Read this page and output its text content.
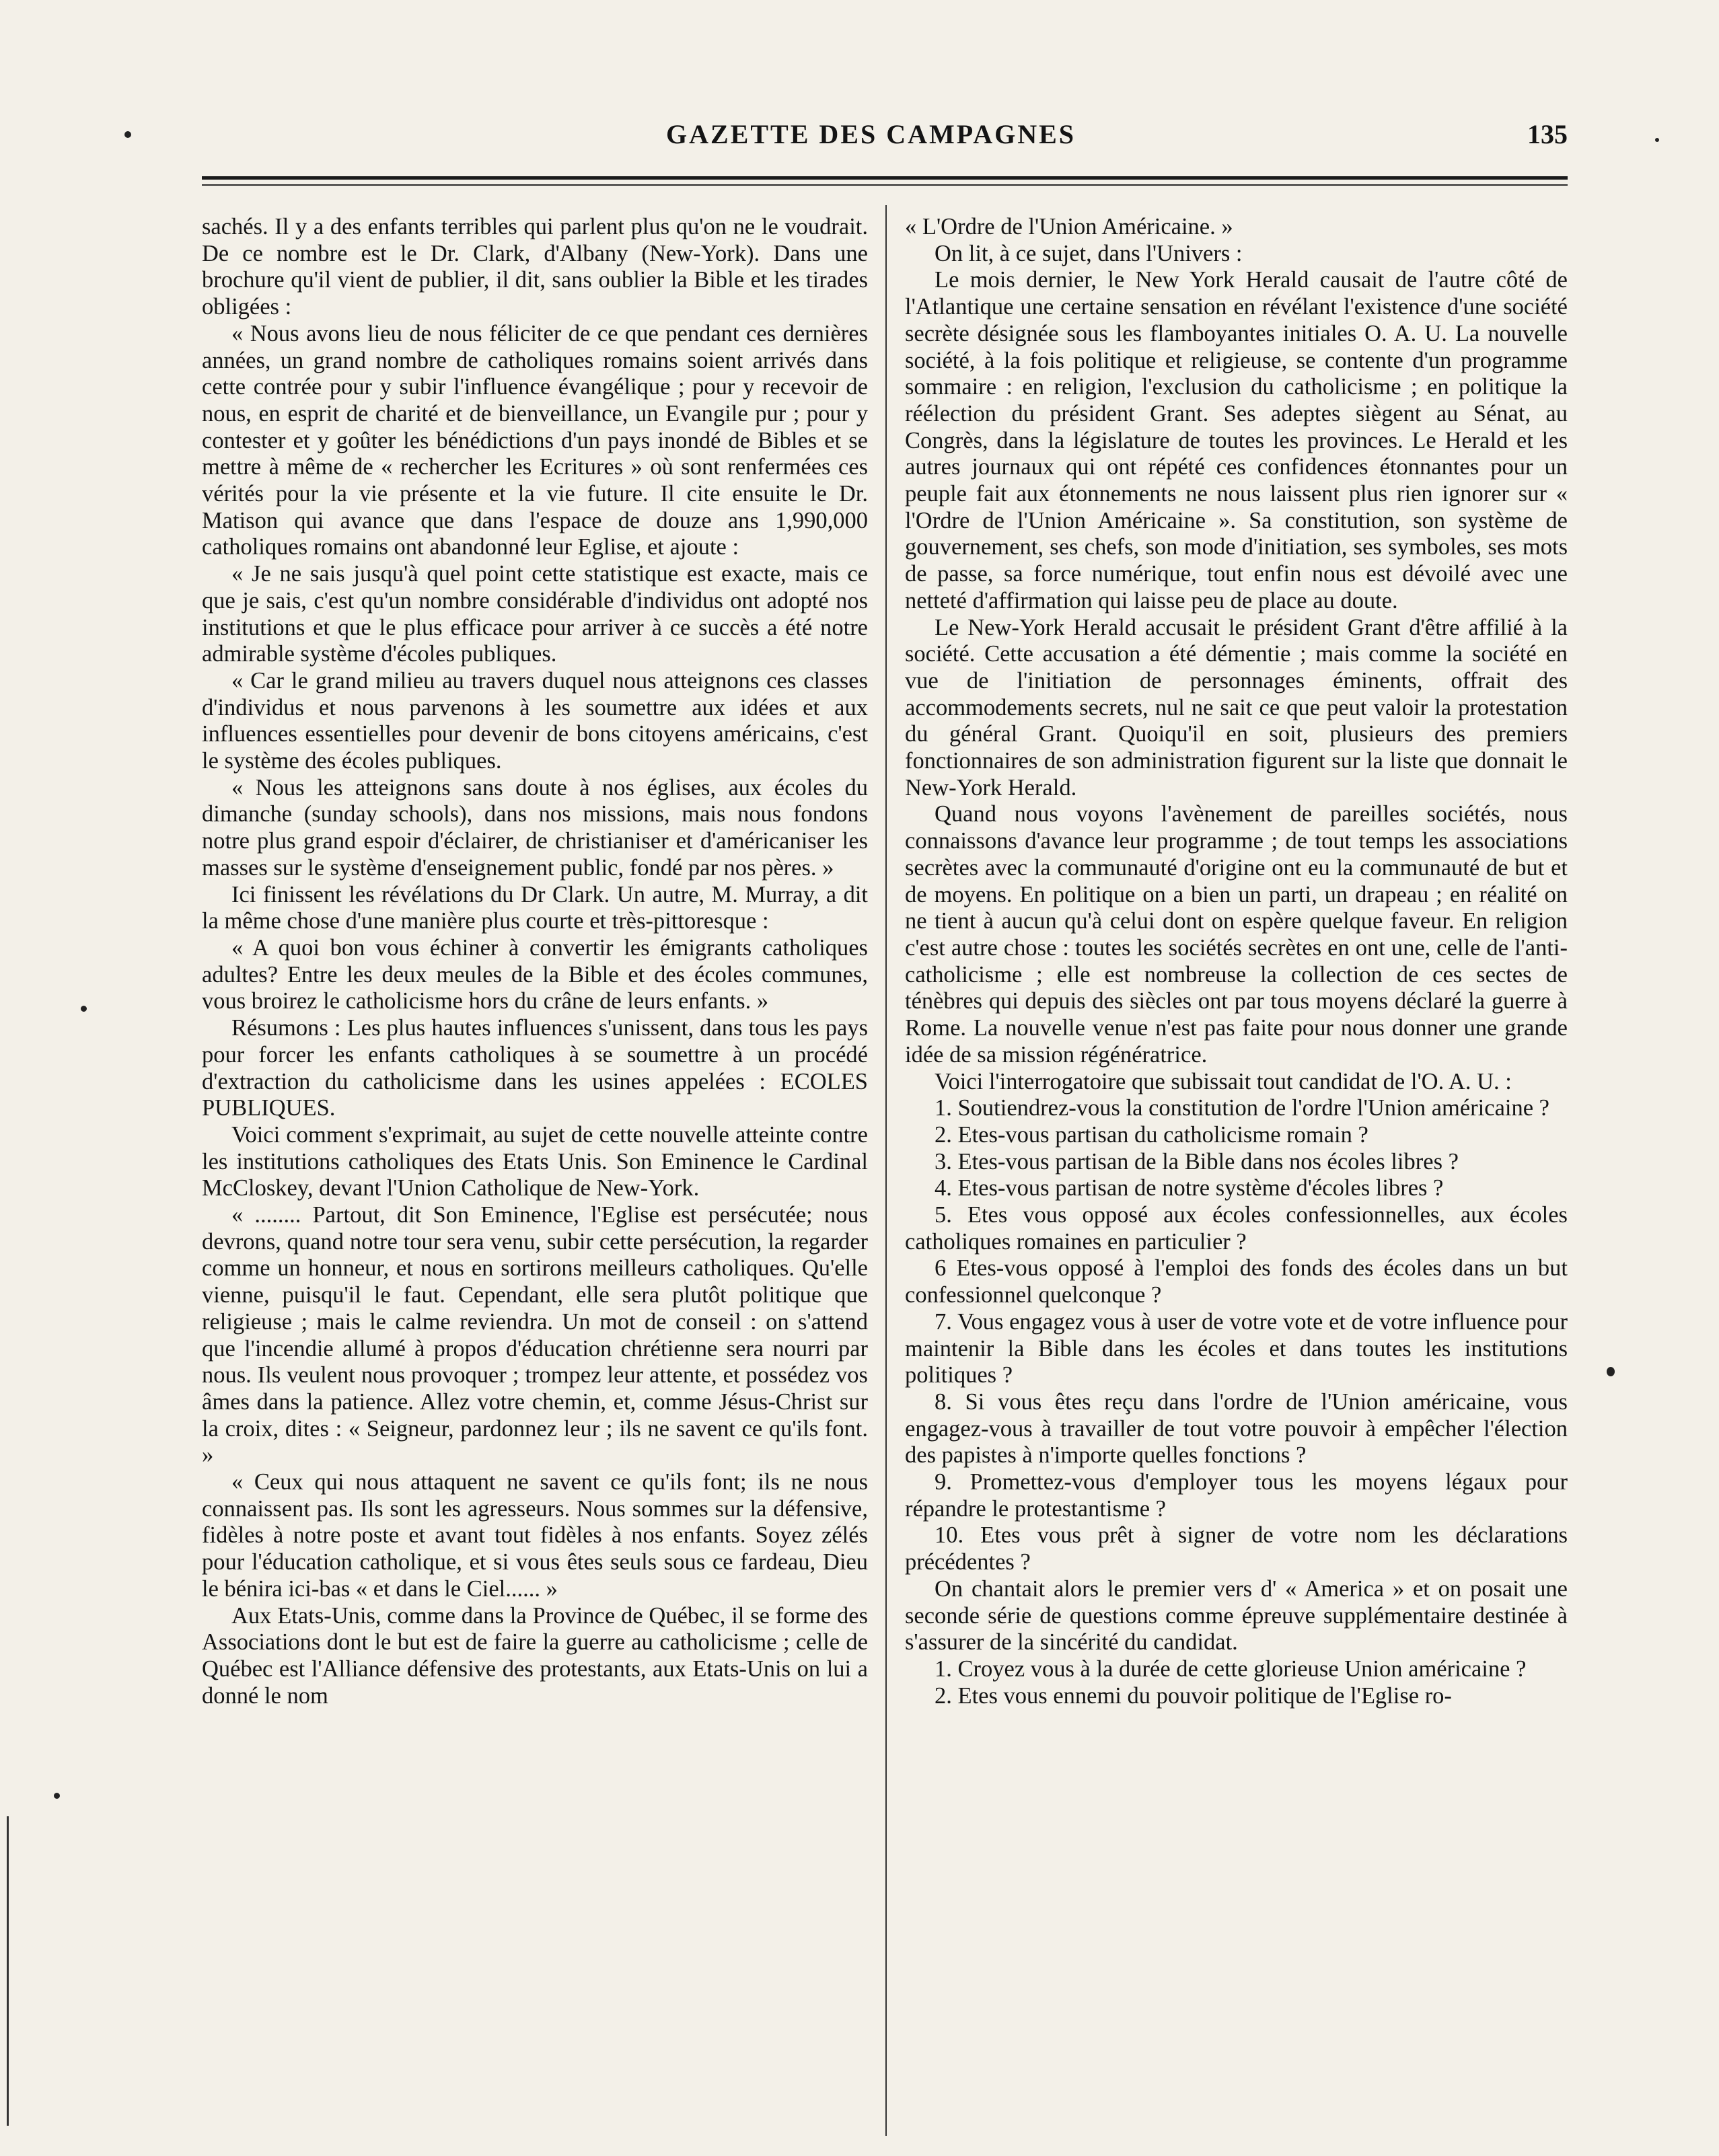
GAZETTE DES CAMPAGNES	135

sachés. Il y a des enfants terribles qui parlent plus qu'on ne le voudrait. De ce nombre est le Dr. Clark, d'Albany (New-York). Dans une brochure qu'il vient de publier, il dit, sans oublier la Bible et les tirades obligées :

« Nous avons lieu de nous féliciter de ce que pendant ces dernières années, un grand nombre de catholiques romains soient arrivés dans cette contrée pour y subir l'influence évangélique ; pour y recevoir de nous, en esprit de charité et de bienveillance, un Evangile pur ; pour y contester et y goûter les bénédictions d'un pays inondé de Bibles et se mettre à même de « rechercher les Ecritures » où sont renfermées ces vérités pour la vie présente et la vie future. Il cite ensuite le Dr. Matison qui avance que dans l'espace de douze ans 1,990,000 catholiques romains ont abandonné leur Eglise, et ajoute :

« Je ne sais jusqu'à quel point cette statistique est exacte, mais ce que je sais, c'est qu'un nombre considérable d'individus ont adopté nos institutions et que le plus efficace pour arriver à ce succès a été notre admirable système d'écoles publiques.

« Car le grand milieu au travers duquel nous atteignons ces classes d'individus et nous parvenons à les soumettre aux idées et aux influences essentielles pour devenir de bons citoyens américains, c'est le système des écoles publiques.

« Nous les atteignons sans doute à nos églises, aux écoles du dimanche (sunday schools), dans nos missions, mais nous fondons notre plus grand espoir d'éclairer, de christianiser et d'américaniser les masses sur le système d'enseignement public, fondé par nos pères. »

Ici finissent les révélations du Dr Clark. Un autre, M. Murray, a dit la même chose d'une manière plus courte et très-pittoresque :

« A quoi bon vous échiner à convertir les émigrants catholiques adultes? Entre les deux meules de la Bible et des écoles communes, vous broirez le catholicisme hors du crâne de leurs enfants. »

Résumons : Les plus hautes influences s'unissent, dans tous les pays pour forcer les enfants catholiques à se soumettre à un procédé d'extraction du catholicisme dans les usines appelées : ECOLES PUBLIQUES.

Voici comment s'exprimait, au sujet de cette nouvelle atteinte contre les institutions catholiques des Etats Unis. Son Eminence le Cardinal McCloskey, devant l'Union Catholique de New-York.

« ........ Partout, dit Son Eminence, l'Eglise est persécutée; nous devrons, quand notre tour sera venu, subir cette persécution, la regarder comme un honneur, et nous en sortirons meilleurs catholiques. Qu'elle vienne, puisqu'il le faut. Cependant, elle sera plutôt politique que religieuse ; mais le calme reviendra. Un mot de conseil : on s'attend que l'incendie allumé à propos d'éducation chrétienne sera nourri par nous. Ils veulent nous provoquer ; trompez leur attente, et possédez vos âmes dans la patience. Allez votre chemin, et, comme Jésus-Christ sur la croix, dites : « Seigneur, pardonnez leur ; ils ne savent ce qu'ils font. »

« Ceux qui nous attaquent ne savent ce qu'ils font; ils ne nous connaissent pas. Ils sont les agresseurs. Nous sommes sur la défensive, fidèles à notre poste et avant tout fidèles à nos enfants. Soyez zélés pour l'éducation catholique, et si vous êtes seuls sous ce fardeau, Dieu le bénira ici-bas « et dans le Ciel...... »

Aux Etats-Unis, comme dans la Province de Québec, il se forme des Associations dont le but est de faire la guerre au catholicisme ; celle de Québec est l'Alliance défensive des protestants, aux Etats-Unis on lui a donné le nom

« L'Ordre de l'Union Américaine. »

On lit, à ce sujet, dans l'Univers :

Le mois dernier, le New York Herald causait de l'autre côté de l'Atlantique une certaine sensation en révélant l'existence d'une société secrète désignée sous les flamboyantes initiales O. A. U. La nouvelle société, à la fois politique et religieuse, se contente d'un programme sommaire : en religion, l'exclusion du catholicisme ; en politique la réélection du président Grant. Ses adeptes siègent au Sénat, au Congrès, dans la législature de toutes les provinces. Le Herald et les autres journaux qui ont répété ces confidences étonnantes pour un peuple fait aux étonnements ne nous laissent plus rien ignorer sur « l'Ordre de l'Union Américaine ». Sa constitution, son système de gouvernement, ses chefs, son mode d'initiation, ses symboles, ses mots de passe, sa force numérique, tout enfin nous est dévoilé avec une netteté d'affirmation qui laisse peu de place au doute.

Le New-York Herald accusait le président Grant d'être affilié à la société. Cette accusation a été démentie ; mais comme la société en vue de l'initiation de personnages éminents, offrait des accommodements secrets, nul ne sait ce que peut valoir la protestation du général Grant. Quoiqu'il en soit, plusieurs des premiers fonctionnaires de son administration figurent sur la liste que donnait le New-York Herald.

Quand nous voyons l'avènement de pareilles sociétés, nous connaissons d'avance leur programme ; de tout temps les associations secrètes avec la communauté d'origine ont eu la communauté de but et de moyens. En politique on a bien un parti, un drapeau ; en réalité on ne tient à aucun qu'à celui dont on espère quelque faveur. En religion c'est autre chose : toutes les sociétés secrètes en ont une, celle de l'anti-catholicisme ; elle est nombreuse la collection de ces sectes de ténèbres qui depuis des siècles ont par tous moyens déclaré la guerre à Rome. La nouvelle venue n'est pas faite pour nous donner une grande idée de sa mission régénératrice.

Voici l'interrogatoire que subissait tout candidat de l'O. A. U. :

1. Soutiendrez-vous la constitution de l'ordre l'Union américaine ?

2. Etes-vous partisan du catholicisme romain ?

3. Etes-vous partisan de la Bible dans nos écoles libres ?

4. Etes-vous partisan de notre système d'écoles libres ?

5. Etes vous opposé aux écoles confessionnelles, aux écoles catholiques romaines en particulier ?

6 Etes-vous opposé à l'emploi des fonds des écoles dans un but confessionnel quelconque ?

7. Vous engagez vous à user de votre vote et de votre influence pour maintenir la Bible dans les écoles et dans toutes les institutions politiques ?

8. Si vous êtes reçu dans l'ordre de l'Union américaine, vous engagez-vous à travailler de tout votre pouvoir à empêcher l'élection des papistes à n'importe quelles fonctions ?

9. Promettez-vous d'employer tous les moyens légaux pour répandre le protestantisme ?

10. Etes vous prêt à signer de votre nom les déclarations précédentes ?

On chantait alors le premier vers d' « America » et on posait une seconde série de questions comme épreuve supplémentaire destinée à s'assurer de la sincérité du candidat.

1. Croyez vous à la durée de cette glorieuse Union américaine ?

2. Etes vous ennemi du pouvoir politique de l'Eglise ro-
